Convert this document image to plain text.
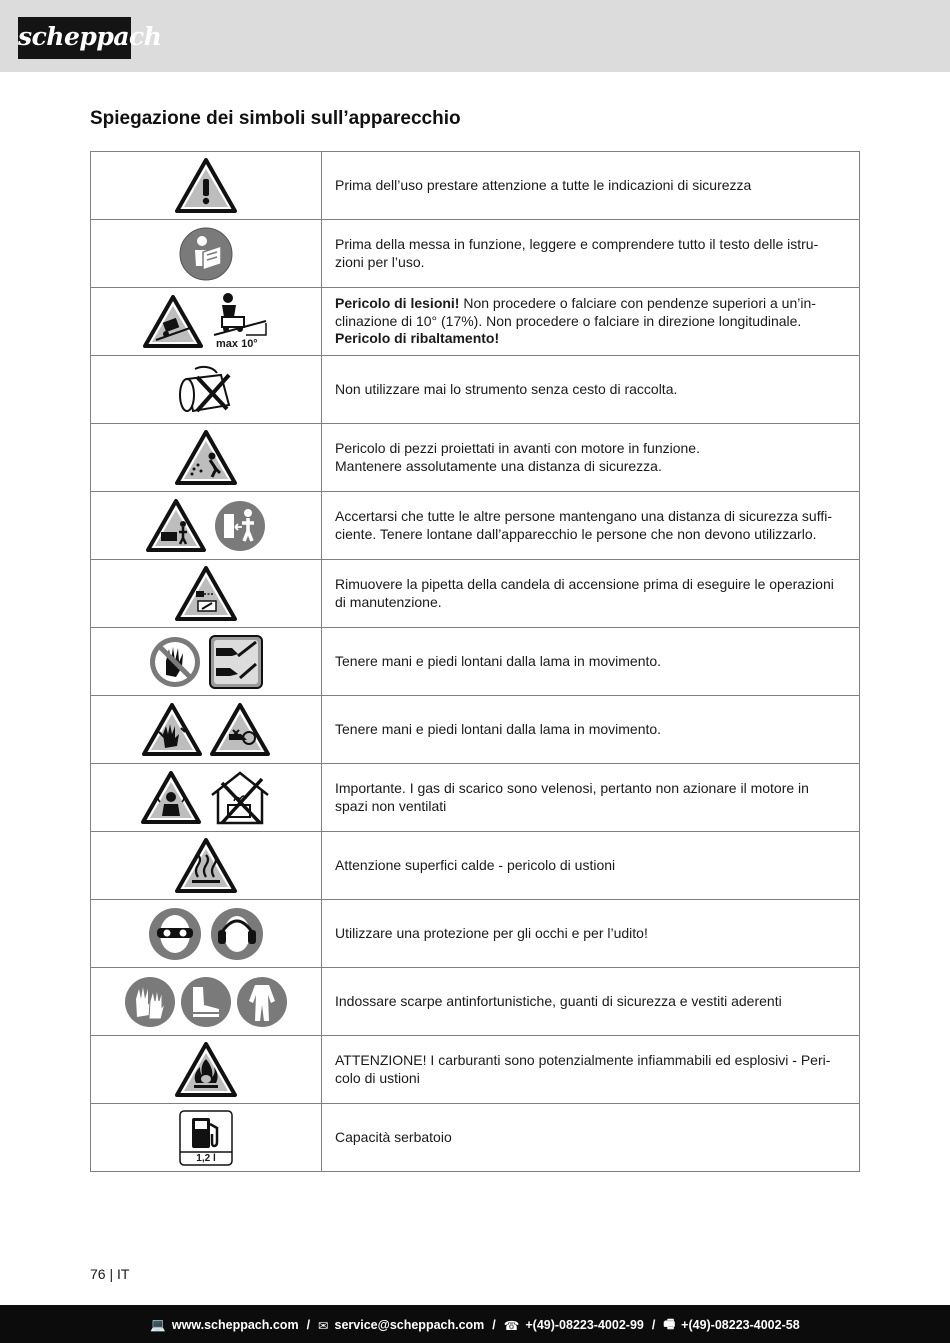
scheppach
Spiegazione dei simboli sull’apparecchio

Prima dell’uso prestare attenzione a tutte le indicazioni di sicurezza

Prima della messa in funzione, leggere e comprendere tutto il testo delle istru-
zioni per l’uso.

max 10°	Pericolo di lesioni! Non procedere o falciare con pendenze superiori a un’in-
clinazione di 10° (17%). Non procedere o falciare in direzione longitudinale.
Pericolo di ribaltamento!

Non utilizzare mai lo strumento senza cesto di raccolta.

Pericolo di pezzi proiettati in avanti con motore in funzione.
Mantenere assolutamente una distanza di sicurezza.

Accertarsi che tutte le altre persone mantengano una distanza di sicurezza suffi-
ciente. Tenere lontane dall’apparecchio le persone che non devono utilizzarlo.

Rimuovere la pipetta della candela di accensione prima di eseguire le operazioni
di manutenzione.

Tenere mani e piedi lontani dalla lama in movimento.

Tenere mani e piedi lontani dalla lama in movimento.

Importante. I gas di scarico sono velenosi, pertanto non azionare il motore in
spazi non ventilati

Attenzione superfici calde - pericolo di ustioni

Utilizzare una protezione per gli occhi e per l’udito!

Indossare scarpe antinfortunistiche, guanti di sicurezza e vestiti aderenti

ATTENZIONE! I carburanti sono potenzialmente infiammabili ed esplosivi - Peri-
colo di ustioni

1,2 l	Capacità serbatoio
76 | IT
💻 www.scheppach.com / ✉ service@scheppach.com / ☎ +(49)-08223-4002-99 / 🖷 +(49)-08223-4002-58
